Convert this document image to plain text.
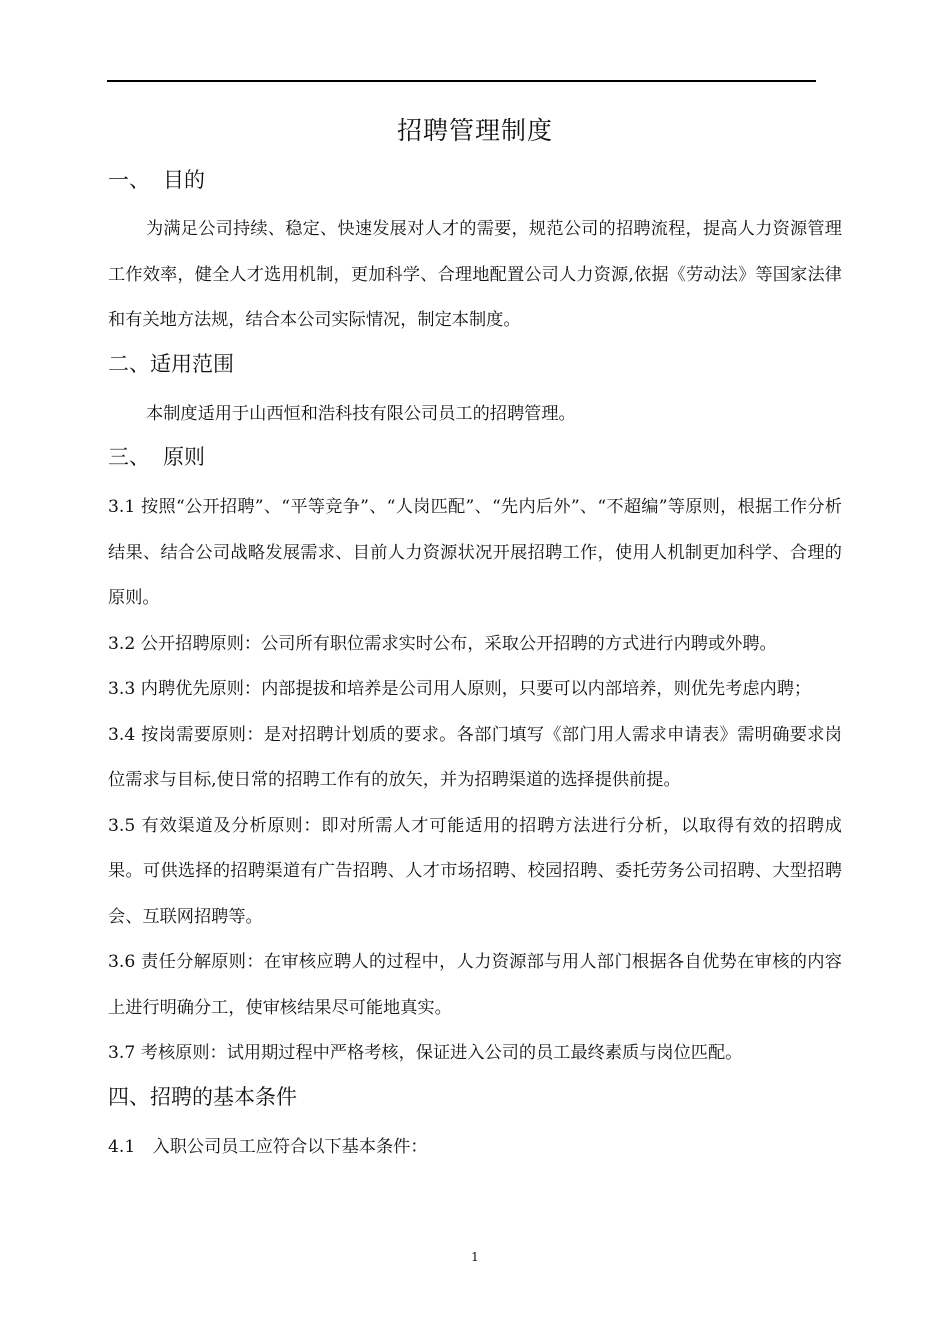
招聘管理制度
一、 目的

为满足公司持续、稳定、快速发展对人才的需要，规范公司的招聘流程，提高人力资源管理工作效率，健全人才选用机制，更加科学、合理地配置公司人力资源,依据《劳动法》等国家法律和有关地方法规，结合本公司实际情况，制定本制度。

二、适用范围

本制度适用于山西恒和浩科技有限公司员工的招聘管理。

三、 原则

3.1 按照“公开招聘”、“平等竞争”、“人岗匹配”、“先内后外”、“不超编”等原则，根据工作分析结果、结合公司战略发展需求、目前人力资源状况开展招聘工作，使用人机制更加科学、合理的原则。

3.2 公开招聘原则：公司所有职位需求实时公布，采取公开招聘的方式进行内聘或外聘。

3.3 内聘优先原则：内部提拔和培养是公司用人原则，只要可以内部培养，则优先考虑内聘；

3.4 按岗需要原则：是对招聘计划质的要求。各部门填写《部门用人需求申请表》需明确要求岗位需求与目标,使日常的招聘工作有的放矢，并为招聘渠道的选择提供前提。

3.5 有效渠道及分析原则：即对所需人才可能适用的招聘方法进行分析，以取得有效的招聘成果。可供选择的招聘渠道有广告招聘、人才市场招聘、校园招聘、委托劳务公司招聘、大型招聘会、互联网招聘等。

3.6 责任分解原则：在审核应聘人的过程中，人力资源部与用人部门根据各自优势在审核的内容上进行明确分工，使审核结果尽可能地真实。

3.7 考核原则：试用期过程中严格考核，保证进入公司的员工最终素质与岗位匹配。

四、招聘的基本条件

4.1　入职公司员工应符合以下基本条件：

1
